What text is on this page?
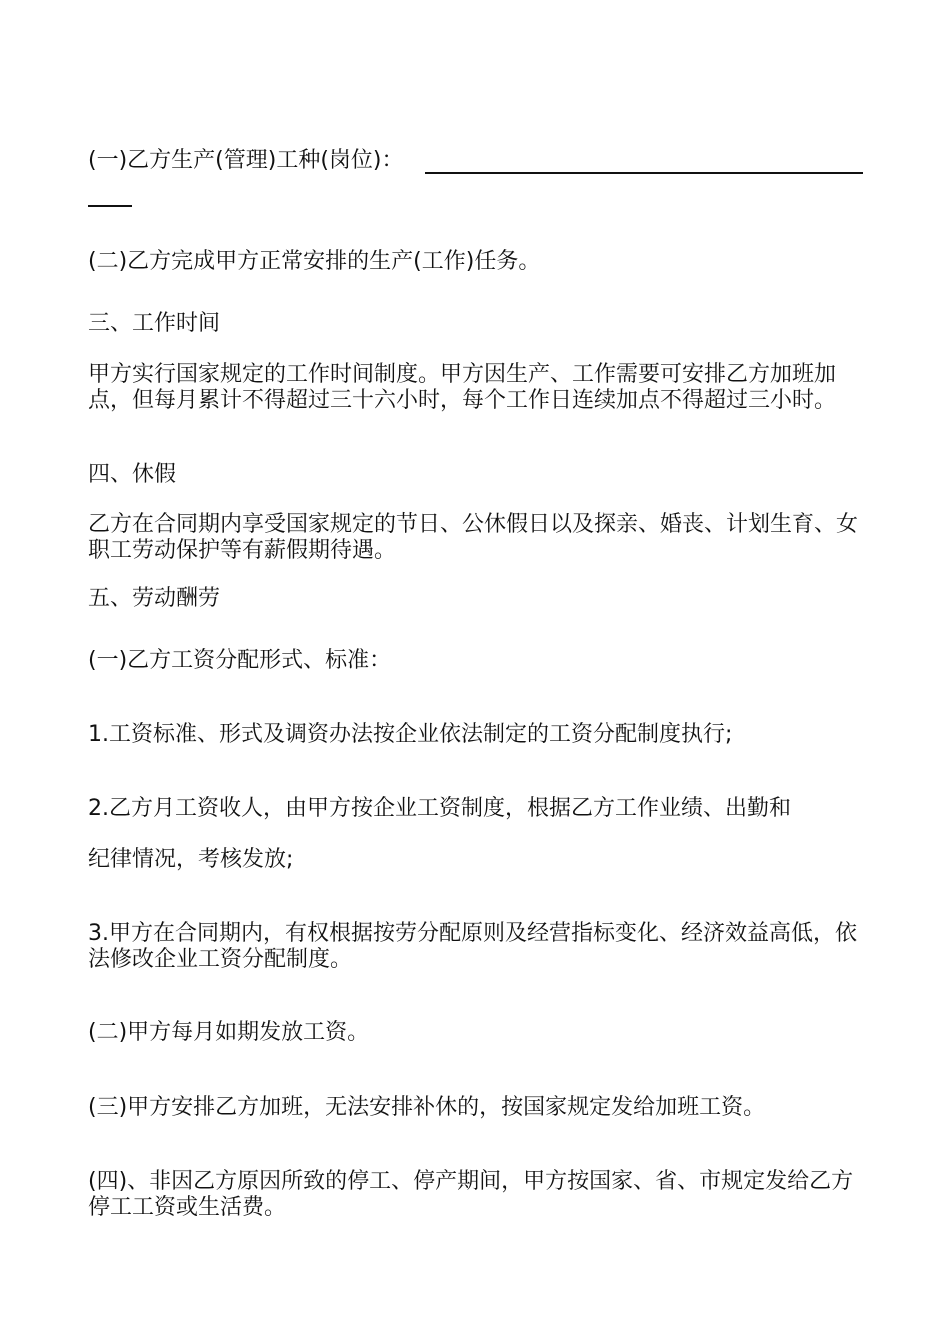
(一)乙方生产(管理)工种(岗位)：

(二)乙方完成甲方正常安排的生产(工作)任务。

三、工作时间

甲方实行国家规定的工作时间制度。甲方因生产、工作需要可安排乙方加班加点，但每月累计不得超过三十六小时，每个工作日连续加点不得超过三小时。

四、休假

乙方在合同期内享受国家规定的节日、公休假日以及探亲、婚丧、计划生育、女职工劳动保护等有薪假期待遇。

五、劳动酬劳

(一)乙方工资分配形式、标准：

1.工资标准、形式及调资办法按企业依法制定的工资分配制度执行;

2.乙方月工资收人，由甲方按企业工资制度，根据乙方工作业绩、出勤和

纪律情况，考核发放;

3.甲方在合同期内，有权根据按劳分配原则及经营指标变化、经济效益高低，依法修改企业工资分配制度。

(二)甲方每月如期发放工资。

(三)甲方安排乙方加班，无法安排补休的，按国家规定发给加班工资。

(四)、非因乙方原因所致的停工、停产期间，甲方按国家、省、市规定发给乙方停工工资或生活费。
